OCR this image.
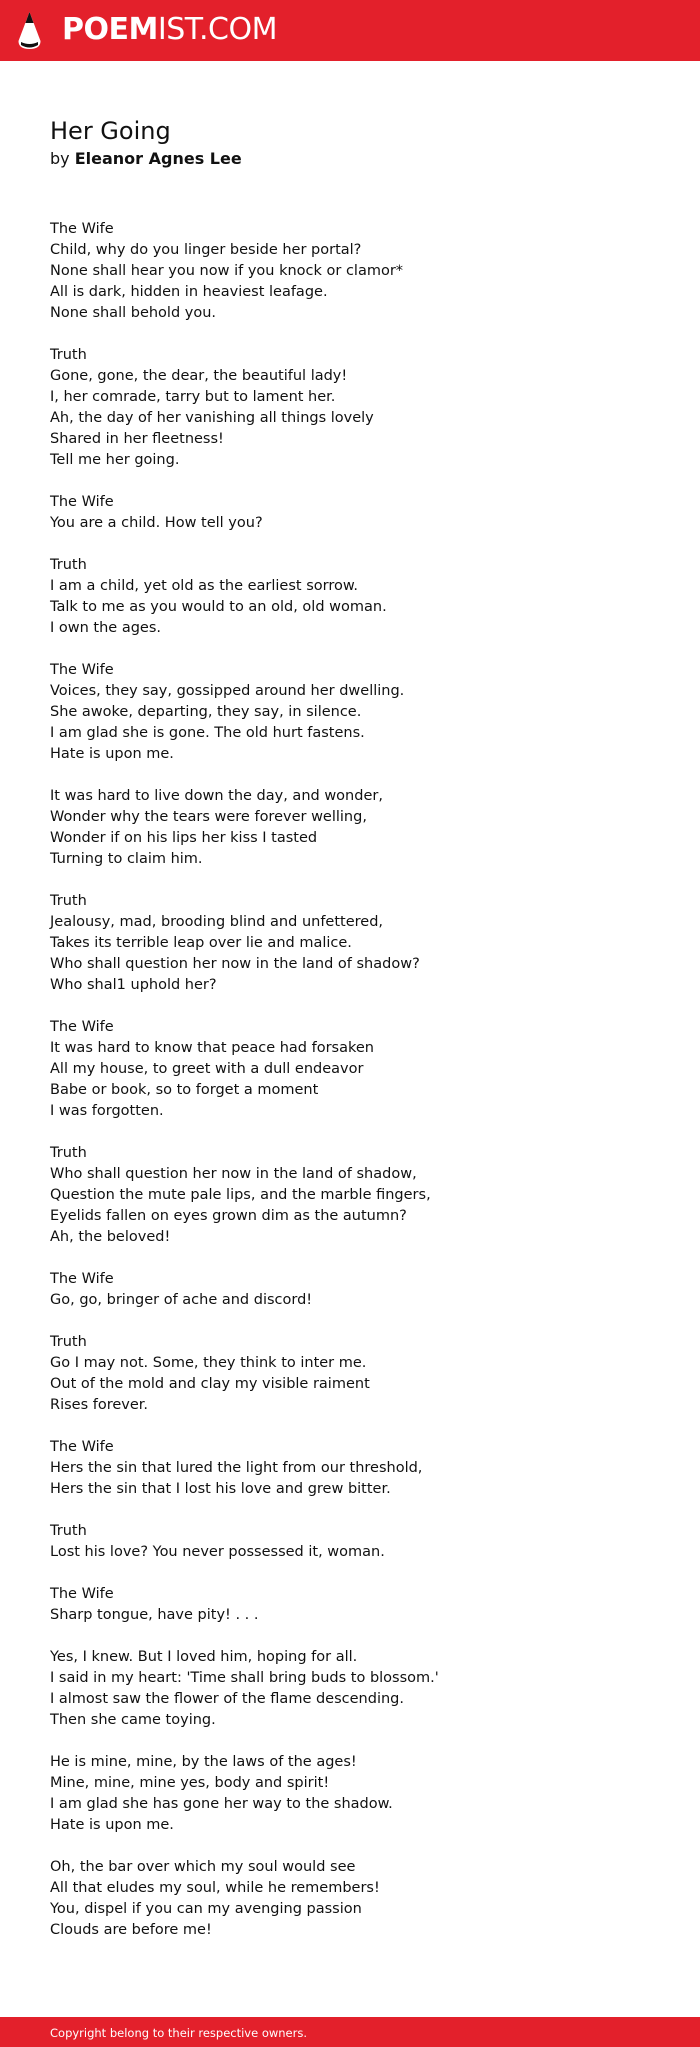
POEMIST.COM
Her Going
by Eleanor Agnes Lee
The Wife
Child, why do you linger beside her portal?
None shall hear you now if you knock or clamor*
All is dark, hidden in heaviest leafage.
None shall behold you.
Truth
Gone, gone, the dear, the beautiful lady!
I, her comrade, tarry but to lament her.
Ah, the day of her vanishing all things lovely
Shared in her fleetness!
Tell me her going.
The Wife
You are a child. How tell you?
Truth
I am a child, yet old as the earliest sorrow.
Talk to me as you would to an old, old woman.
I own the ages.
The Wife
Voices, they say, gossipped around her dwelling.
She awoke, departing, they say, in silence.
I am glad she is gone. The old hurt fastens.
Hate is upon me.
It was hard to live down the day, and wonder,
Wonder why the tears were forever welling,
Wonder if on his lips her kiss I tasted
Turning to claim him.
Truth
Jealousy, mad, brooding blind and unfettered,
Takes its terrible leap over lie and malice.
Who shall question her now in the land of shadow?
Who shal1 uphold her?
The Wife
It was hard to know that peace had forsaken
All my house, to greet with a dull endeavor
Babe or book, so to forget a moment
I was forgotten.
Truth
Who shall question her now in the land of shadow,
Question the mute pale lips, and the marble fingers,
Eyelids fallen on eyes grown dim as the autumn?
Ah, the beloved!
The Wife
Go, go, bringer of ache and discord!
Truth
Go I may not. Some, they think to inter me.
Out of the mold and clay my visible raiment
Rises forever.
The Wife
Hers the sin that lured the light from our threshold,
Hers the sin that I lost his love and grew bitter.
Truth
Lost his love? You never possessed it, woman.
The Wife
Sharp tongue, have pity! . . .
Yes, I knew. But I loved him, hoping for all.
I said in my heart: 'Time shall bring buds to blossom.'
I almost saw the flower of the flame descending.
Then she came toying.
He is mine, mine, by the laws of the ages!
Mine, mine, mine yes, body and spirit!
I am glad she has gone her way to the shadow.
Hate is upon me.
Oh, the bar over which my soul would see
All that eludes my soul, while he remembers!
You, dispel if you can my avenging passion
Clouds are before me!
Copyright belong to their respective owners.
